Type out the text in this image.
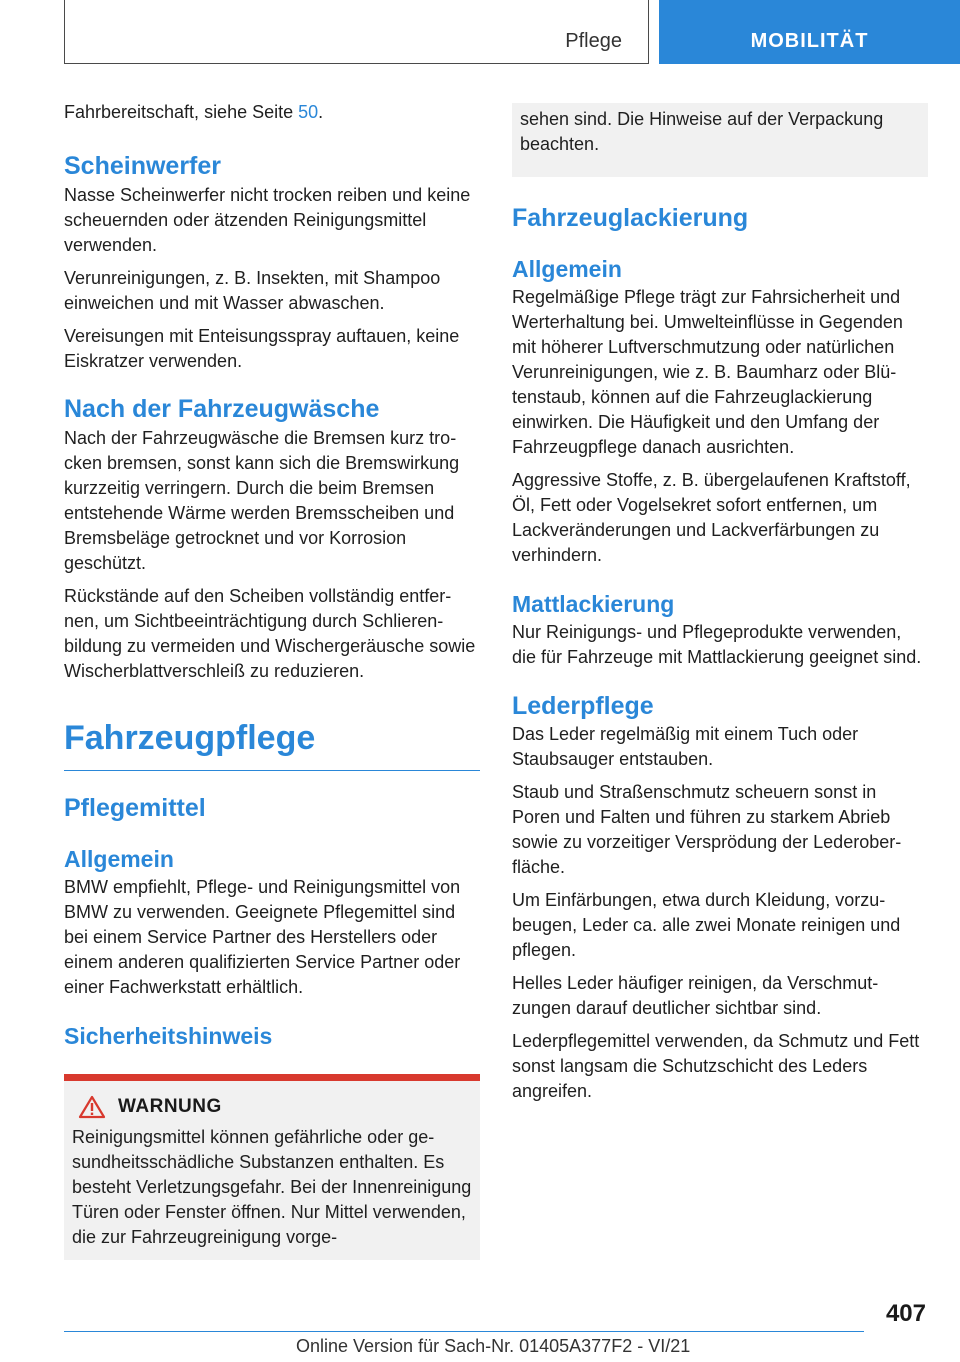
Pflege	MOBILITÄT

Fahrbereitschaft, siehe Seite 50.

Scheinwerfer

Nasse Scheinwerfer nicht trocken reiben und keine scheuernden oder ätzenden Reinigungsmittel verwenden.

Verunreinigungen, z. B. Insekten, mit Shampoo einweichen und mit Wasser abwaschen.

Vereisungen mit Enteisungsspray auftauen, keine Eiskratzer verwenden.

Nach der Fahrzeugwäsche

Nach der Fahrzeugwäsche die Bremsen kurz trocken bremsen, sonst kann sich die Bremswirkung kurzzeitig verringern. Durch die beim Bremsen entstehende Wärme werden Bremsscheiben und Bremsbeläge getrocknet und vor Korrosion geschützt.

Rückstände auf den Scheiben vollständig entfernen, um Sichtbeeinträchtigung durch Schlierenbildung zu vermeiden und Wischergeräusche sowie Wischerblattverschleiß zu reduzieren.

Fahrzeugpflege
Pflegemittel
Allgemein

BMW empfiehlt, Pflege- und Reinigungsmittel von BMW zu verwenden. Geeignete Pflegemittel sind bei einem Service Partner des Herstellers oder einem anderen qualifizierten Service Partner oder einer Fachwerkstatt erhältlich.

Sicherheitshinweis
WARNUNG

Reinigungsmittel können gefährliche oder gesundheitsschädliche Substanzen enthalten. Es besteht Verletzungsgefahr. Bei der Innenreinigung Türen oder Fenster öffnen. Nur Mittel verwenden, die zur Fahrzeugreinigung vorge-

sehen sind. Die Hinweise auf der Verpackung beachten.

Fahrzeuglackierung
Allgemein

Regelmäßige Pflege trägt zur Fahrsicherheit und Werterhaltung bei. Umwelteinflüsse in Gegenden mit höherer Luftverschmutzung oder natürlichen Verunreinigungen, wie z. B. Baumharz oder Blütenstaub, können auf die Fahrzeuglackierung einwirken. Die Häufigkeit und den Umfang der Fahrzeugpflege danach ausrichten.

Aggressive Stoffe, z. B. übergelaufenen Kraftstoff, Öl, Fett oder Vogelsekret sofort entfernen, um Lackveränderungen und Lackverfärbungen zu verhindern.

Mattlackierung

Nur Reinigungs- und Pflegeprodukte verwenden, die für Fahrzeuge mit Mattlackierung geeignet sind.

Lederpflege

Das Leder regelmäßig mit einem Tuch oder Staubsauger entstauben.

Staub und Straßenschmutz scheuern sonst in Poren und Falten und führen zu starkem Abrieb sowie zu vorzeitiger Versprödung der Lederoberfläche.

Um Einfärbungen, etwa durch Kleidung, vorzubeugen, Leder ca. alle zwei Monate reinigen und pflegen.

Helles Leder häufiger reinigen, da Verschmutzungen darauf deutlicher sichtbar sind.

Lederpflegemittel verwenden, da Schmutz und Fett sonst langsam die Schutzschicht des Leders angreifen.

407
Online Version für Sach-Nr. 01405A377F2 - VI/21
